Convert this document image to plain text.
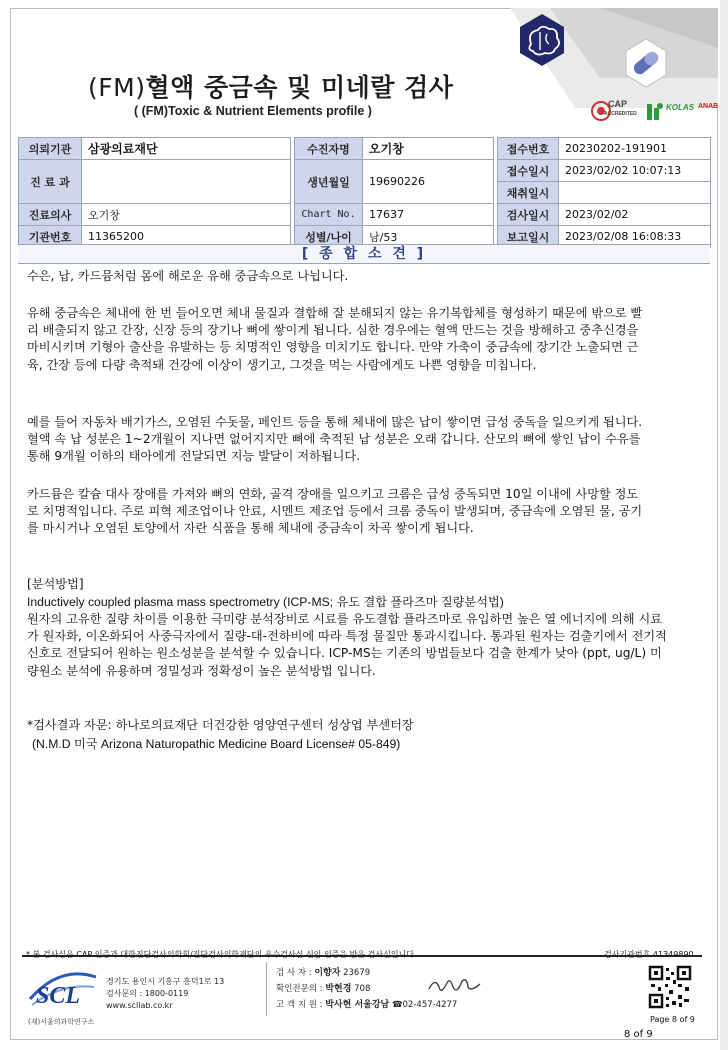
(FM)혈액 중금속 및 미네랄 검사
( (FM)Toxic & Nutrient Elements profile )	CAP
ACCREDITED
KOLAS ANAB
의뢰기관	삼광의료재단		수진자명	오기창		접수번호	20230202-191901
진 료 과			생년월일	19690226		접수일시	2023/02/02 10:07:13
						채취일시	
진료의사	오기창		Chart No.	17637		검사일시	2023/02/02
기관번호	11365200		성별/나이	남/53		보고일시	2023/02/08 16:08:33
[ 종 합 소 견 ]
수은, 납, 카드뮴처럼 몸에 해로운 유해 중금속으로 나뉩니다.
유해 중금속은 체내에 한 번 들어오면 체내 물질과 결합해 잘 분해되지 않는 유기복합체를 형성하기 때문에 밖으로 빨리 배출되지 않고 간장, 신장 등의 장기나 뼈에 쌓이게 됩니다. 심한 경우에는 혈액 만드는 것을 방해하고 중추신경을 마비시키며 기형아 출산을 유발하는 등 치명적인 영향을 미치기도 합니다. 만약 가축이 중금속에 장기간 노출되면 근육, 간장 등에 다량 축적돼 건강에 이상이 생기고, 그것을 먹는 사람에게도 나쁜 영향을 미칩니다.
예를 들어 자동차 배기가스, 오염된 수돗물, 페인트 등을 통해 체내에 많은 납이 쌓이면 급성 중독을 일으키게 됩니다. 혈액 속 납 성분은 1~2개월이 지나면 없어지지만 뼈에 축적된 납 성분은 오래 갑니다. 산모의 뼈에 쌓인 납이 수유를 통해 9개월 이하의 태아에게 전달되면 지능 발달이 저하됩니다.
카드뮴은 칼슘 대사 장애를 가져와 뼈의 연화, 골격 장애를 일으키고 크롬은 급성 중독되면 10일 이내에 사망할 정도로 치명적입니다. 주로 피혁 제조업이나 안료, 시멘트 제조업 등에서 크롬 중독이 발생되며, 중금속에 오염된 물, 공기를 마시거나 오염된 토양에서 자란 식품을 통해 체내에 중금속이 차곡 쌓이게 됩니다.
[분석방법]
Inductively coupled plasma mass spectrometry (ICP-MS; 유도 결합 플라즈마 질량분석법)
원자의 고유한 질량 차이를 이용한 극미량 분석장비로 시료를 유도결합 플라즈마로 유입하면 높은 열 에너지에 의해 시료가 원자화, 이온화되어 사중극자에서 질량-대-전하비에 따라 특정 물질만 통과시킵니다. 통과된 원자는 검출기에서 전기적 신호로 전달되어 원하는 원소성분을 분석할 수 있습니다. ICP-MS는 기존의 방법들보다 검출 한계가 낮아 (ppt, ug/L) 미량원소 분석에 유용하며 정밀성과 정확성이 높은 분석방법 입니다.
*검사결과 자문: 하나로의료재단 더건강한 영양연구센터 성상엽 부센터장
(N.M.D 미국 Arizona Naturopathic Medicine Board License# 05-849)
SCL
(재)서울의과학연구소
경기도 용인시 기흥구 흥덕1로 13
검사문의 : 1800-0119
www.scllab.co.kr
검 사 자 : 이향자 23679
확인전문의 : 박현경 708
고 객 지 원 : 박사현 서울강남 ☎02-457-4277
Page 8 of 9
8 of 9
